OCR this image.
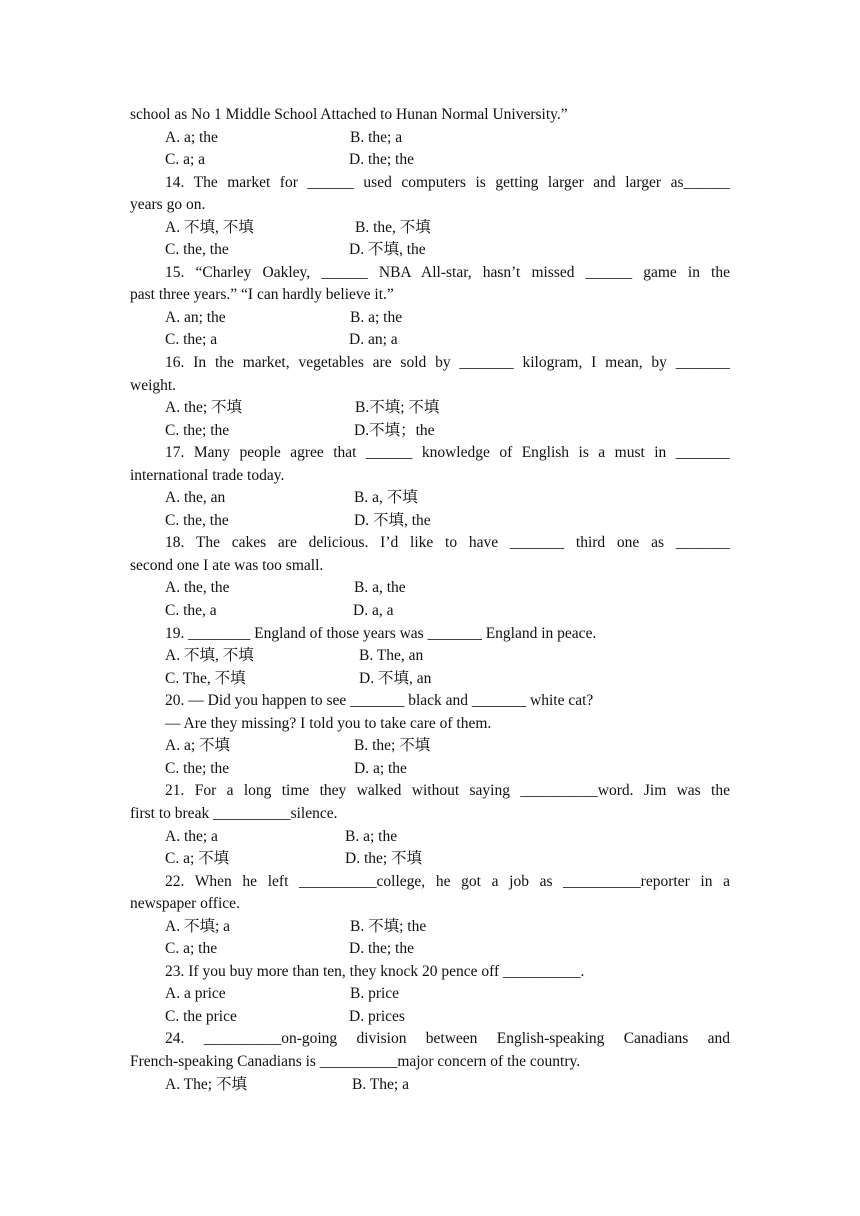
school as No 1 Middle School Attached to Hunan Normal University.”
A. a; the	B. the; a
C. a; a	D. the; the
14. The market for ______ used computers is getting larger and larger as______
years go on.
A. 不填, 不填	B. the, 不填
C. the, the	D. 不填, the
15. “Charley Oakley, ______ NBA All-star, hasn’t missed ______ game in the
past three years.” “I can hardly believe it.”
A. an; the	B. a; the
C. the; a	D. an; a
16. In the market, vegetables are sold by _______ kilogram, I mean, by _______
weight.
A. the; 不填	B.不填; 不填
C. the; the	D.不填；the
17. Many people agree that ______ knowledge of English is a must in _______
international trade today.
A. the, an	B. a, 不填
C. the, the	D. 不填, the
18. The cakes are delicious. I’d like to have _______ third one as _______
second one I ate was too small.
A. the, the	B. a, the
C. the, a	D. a, a
19. ________ England of those years was _______ England in peace.
A. 不填, 不填	B. The, an
C. The, 不填	D. 不填, an
20. — Did you happen to see _______ black and _______ white cat?
— Are they missing? I told you to take care of them.
A. a; 不填	B. the; 不填
C. the; the	D. a; the
21. For a long time they walked without saying __________word. Jim was the
first to break __________silence.
A. the; a	B. a; the
C. a; 不填	D. the; 不填
22. When he left __________college, he got a job as __________reporter in a
newspaper office.
A. 不填; a	B. 不填; the
C. a; the	D. the; the
23. If you buy more than ten, they knock 20 pence off __________.
A. a price	B. price
C. the price	D. prices
24. __________on-going division between English-speaking Canadians and
French-speaking Canadians is __________major concern of the country.
A. The; 不填	B. The; a
